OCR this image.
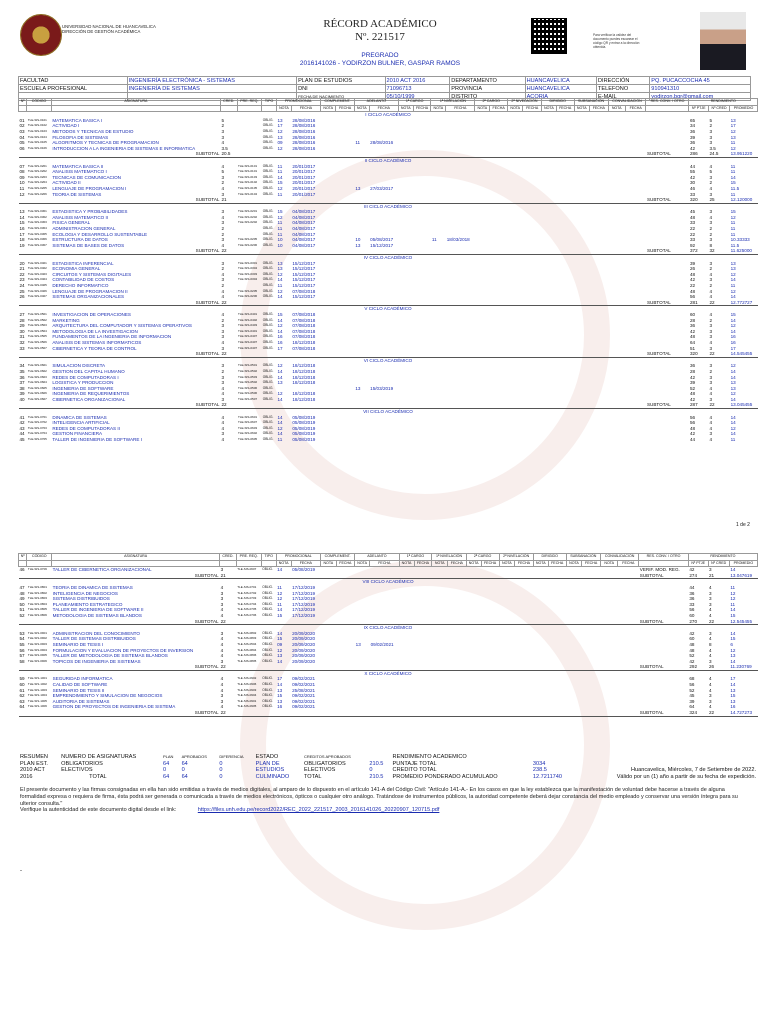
UNIVERSIDAD NACIONAL DE HUANCAVELICA
DIRECCIÓN DE GESTIÓN ACADÉMICA
RÉCORD ACADÉMICO
Nº. 221517
PREGRADO
2016141026 - YODIRZON BULNER, GASPAR RAMOS
Para verificar la validez del documento puedes escanear el código QR y entrar a la dirección obtenida.
FACULTAD	INGENIERÍA ELECTRÓNICA - SISTEMAS	PLAN DE ESTUDIOS	2010 ACT 2016	DEPARTAMENTO	HUANCAVELICA	DIRECCIÓN	PQ. PUCACCOCHA 45
ESCUELA PROFESIONAL	INGENIERÍA DE SISTEMAS	DNI	71096713	PROVINCIA	HUANCAVELICA	TELEFONO	910941310
		FECHA DE NACIMIENTO	05/10/1999	DISTRITO	ACORIA	E-MAIL	yodirzon.bgr@gmail.com
Nº	CÓDIGO	ASIGNATURA	CRED.	PRE. REQ.	TIPO	PROMOCIONAL		COMPLEMENT.		ADELANTO		1ª CARGO		1ª NIVELACIÓN		2ª CARGO		2ª NIVELACIÓN		DIRIGIDO		SUBSANACIÓN		CONVALIDACIÓN		RES. CONV. / OTRO	RENDIMIENTO		
						NOTA	FECHA	NOTA	FECHA	NOTA	FECHA	NOTA	FECHA	NOTA	FECHA	NOTA	FECHA	NOTA	FECHA	NOTA	FECHA	NOTA	FECHA	NOTA	FECHA		Nº PTJE	Nº CRED	PROMEDIO
I CICLO ACADÉMICO																													
01	TLE-SIS-0101	MATEMATICA BASICA I	5		OBLIG.	13	28/08/2016																				65	5	13
02	TLE-SIS-0102	ACTIVIDAD I	2		OBLIG.	17	28/08/2016																				34	2	17
03	TLE-SIS-0103	METODOS Y TECNICAS DE ESTUDIO	3		OBLIG.	12	28/08/2016																				36	3	12
04	TLE-SIS-0104	FILOSOFIA DE SISTEMAS	3		OBLIG.	13	28/08/2016																				39	3	13
05	TLE-SIS-0105	ALGORITMOS Y TECNICAS DE PROGRAMACION	4		OBLIG.	09	28/08/2016			11	28/08/2016																36	3	11
06	TLE-SIS-0106	INTRODUCCION A LA INGENIERIA DE SISTEMAS E INFORMATICA	3.5		OBLIG.	12	28/08/2016																				42	3.5	12
SUBTOTAL			20.5																							SUBTOTAL	286	24.5	13.951220
II CICLO ACADÉMICO																													
07	TLE-SIS-0201	MATEMATICA BASICA II	4	TLE-SIS-0101	OBLIG.	11	20/01/2017																				44	4	11
08	TLE-SIS-0202	ANALISIS MATEMATICO I	5	TLE-SIS-0101	OBLIG.	11	20/01/2017																				55	5	11
09	TLE-SIS-0203	TECNICAS DE COMUNICACION	3	TLE-SIS-0103	OBLIG.	14	20/01/2017																				42	3	14
10	TLE-SIS-0204	ACTIVIDAD II	2	TLE-SIS-0102	OBLIG.	15	20/01/2017																				30	2	15
11	TLE-SIS-0205	LENGUAJE DE PROGRAMACION I	4	TLE-SIS-0105	OBLIG.	12	20/01/2017			13	27/03/2017																46	4	11.5
12	TLE-SIS-0206	TEORIA DE SISTEMAS	3	TLE-SIS-0104	OBLIG.	11	20/01/2017																				33	3	11
SUBTOTAL			21																							SUBTOTAL	320	25	12.120000
III CICLO ACADÉMICO																													
13	TLE-SIS-0301	ESTADISTICA Y PROBABILIDADES	3	TLE-SIS-0201	OBLIG.	15	04/08/2017																				45	3	15
14	TLE-SIS-0302	ANALISIS MATEMATICO II	4	TLE-SIS-0202	OBLIG.	12	04/08/2017																				48	4	12
15	TLE-SIS-0303	FISICA GENERAL	3	TLE-SIS-0202	OBLIG.	11	04/08/2017																				33	3	11
16	TLE-SIS-0304	ADMINISTRACION GENERAL	2		OBLIG.	11	04/08/2017																				22	2	11
17	TLE-SIS-0305	ECOLOGIA Y DESARROLLO SUSTENTABLE	2		OBLIG.	11	04/08/2017																				22	2	11
18	TLE-SIS-0306	ESTRUCTURA DE DATOS	3	TLE-SIS-0205	OBLIG.	10	04/08/2017			10	05/08/2017			11	18/03/2018												33	3	10.33333
19	TLE-SIS-0307	SISTEMAS DE BASES DE DATOS	4	TLE-SIS-0206	OBLIG.	10	04/08/2017			13	15/12/2017																92	8	11.5
SUBTOTAL			22																							SUBTOTAL	372	32	11.625000
IV CICLO ACADÉMICO																													
20	TLE-SIS-0401	ESTADISTICA INFERENCIAL	3	TLE-SIS-0301	OBLIG.	13	15/12/2017																				39	3	13
21	TLE-SIS-0402	ECONOMIA GENERAL	2	TLE-SIS-0304	OBLIG.	13	15/12/2017																				26	2	13
22	TLE-SIS-0403	CIRCUITOS Y SISTEMAS DIGITALES	4	TLE-SIS-0303	OBLIG.	12	15/12/2017																				48	4	12
23	TLE-SIS-0404	CONTABILIDAD DE COSTOS	3	TLE-SIS-0304	OBLIG.	14	15/12/2017																				42	3	14
24	TLE-SIS-0405	DERECHO INFORMATICO	2		OBLIG.	11	15/12/2017																				22	2	11
25	TLE-SIS-0406	LENGUAJE DE PROGRAMACION II	4	TLE-SIS-0205	OBLIG.	12	07/08/2018																				48	4	12
26	TLE-SIS-0407	SISTEMAS ORGANIZACIONALES	4	TLE-SIS-0206	OBLIG.	14	15/12/2017																				56	4	14
SUBTOTAL			22																							SUBTOTAL	281	22	12.772727
V CICLO ACADÉMICO																													
27	TLE-SIS-0501	INVESTIGACION DE OPERACIONES	4	TLE-SIS-0401	OBLIG.	15	07/08/2018																				60	4	15
28	TLE-SIS-0502	MARKETING	2	TLE-SIS-0402	OBLIG.	14	07/08/2018																				28	2	14
29	TLE-SIS-0503	ARQUITECTURA DEL COMPUTADOR Y SISTEMAS OPERATIVOS	3	TLE-SIS-0403	OBLIG.	12	07/08/2018																				36	3	12
30	TLE-SIS-0504	METODOLOGIA DE LA INVESTIGACION	3	TLE-SIS-0401	OBLIG.	14	07/08/2018																				42	3	14
31	TLE-SIS-0505	FUNDAMENTOS DE LA INGENIERIA DE INFORMACION	3	TLE-SIS-0407	OBLIG.	16	07/08/2018																				48	3	16
32	TLE-SIS-0506	ANALISIS DE SISTEMAS INFORMATICOS	4	TLE-SIS-0407	OBLIG.	16	18/12/2018																				64	4	16
33	TLE-SIS-0507	CIBERNETICA Y TEORIA DE CONTROL	3	TLE-SIS-0407	OBLIG.	17	07/08/2018																				51	3	17
SUBTOTAL			22																							SUBTOTAL	320	22	14.545455
VI CICLO ACADÉMICO																													
34	TLE-SIS-0601	SIMULACION DISCRETA	3	TLE-SIS-0501	OBLIG.	12	18/12/2018																				36	3	12
35	TLE-SIS-0602	GESTION DEL CAPITAL HUMANO	2	TLE-SIS-0502	OBLIG.	14	18/12/2018																				28	2	14
36	TLE-SIS-0603	REDES DE COMPUTADORAS I	3	TLE-SIS-0503	OBLIG.	14	18/12/2018																				42	3	14
37	TLE-SIS-0604	LOGISTICA Y PRODUCCION	3	TLE-SIS-0502	OBLIG.	13	18/12/2018																				39	3	13
38	TLE-SIS-0605	INGENIERIA DE SOFTWARE	4	TLE-SIS-0506	OBLIG.					13	15/03/2019																52	4	13
39	TLE-SIS-0606	INGENIERIA DE REQUERIMIENTOS	4	TLE-SIS-0506	OBLIG.	12	18/12/2018																				48	4	12
40	TLE-SIS-0607	CIBERNETICA ORGANIZACIONAL	3	TLE-SIS-0507	OBLIG.	14	18/12/2018																				42	3	14
SUBTOTAL			22																							SUBTOTAL	287	22	13.045455
VII CICLO ACADÉMICO																													
41	TLE-SIS-0701	DINAMICA DE SISTEMAS	4	TLE-SIS-0601	OBLIG.	14	05/08/2019																				56	4	14
42	TLE-SIS-0702	INTELIGENCIA ARTIFICIAL	4	TLE-SIS-0607	OBLIG.	14	05/08/2019																				56	4	14
43	TLE-SIS-0703	REDES DE COMPUTADORAS II	4	TLE-SIS-0603	OBLIG.	12	05/08/2019																				48	4	12
44	TLE-SIS-0704	GESTION FINANCIERA	3	TLE-SIS-0602	OBLIG.	14	05/08/2019																				42	3	14
45	TLE-SIS-0705	TALLER DE INGENIERIA DE SOFTWARE I	4	TLE-SIS-0605	OBLIG.	11	05/08/2019																				44	4	11
1 de 2
Nº	CÓDIGO	ASIGNATURA	CRED.	PRE. REQ.	TIPO	PROMOCIONAL		COMPLEMENT.		ADELANTO		1ª CARGO		1ª NIVELACIÓN		2ª CARGO		2ª NIVELACIÓN		DIRIGIDO		SUBSANACIÓN		CONVALIDACIÓN		RES. CONV. / OTRO	RENDIMIENTO		
						NOTA	FECHA	NOTA	FECHA	NOTA	FECHA	NOTA	FECHA	NOTA	FECHA	NOTA	FECHA	NOTA	FECHA	NOTA	FECHA	NOTA	FECHA	NOTA	FECHA		Nº PTJE	Nº CRED	PROMEDIO
46	TLE-SIS-0706	TALLER DE CIBERNETICA ORGANIZACIONAL	3	TLE-SIS-0607	OBLIG.	14	05/08/2019																			VERIF. MOD. REG.	42	3	14
SUBTOTAL			21																							SUBTOTAL	274	21	13.047619
VIII CICLO ACADÉMICO																													
47	TLE-SIS-0801	TEORIA DE DINAMICA DE SISTEMAS	4	TLE-SIS-0701	OBLIG.	11	17/12/2019																				44	4	11
48	TLE-SIS-0802	INTELIGENCIA DE NEGOCIOS	3	TLE-SIS-0702	OBLIG.	12	17/12/2019																				36	3	12
49	TLE-SIS-0803	SISTEMAS DISTRIBUIDOS	3	TLE-SIS-0703	OBLIG.	12	17/12/2019																				36	3	12
50	TLE-SIS-0804	PLANEAMIENTO ESTRATEGICO	3	TLE-SIS-0704	OBLIG.	11	17/12/2019																				33	3	11
51	TLE-SIS-0805	TALLER DE INGENIERIA DE SOFTWARE II	4	TLE-SIS-0705	OBLIG.	14	17/12/2019																				56	4	14
52	TLE-SIS-0806	METODOLOGIA DE SISTEMAS BLANDOS	4	TLE-SIS-0706	OBLIG.	15	17/12/2019																				60	4	15
SUBTOTAL			22																							SUBTOTAL	270	22	12.545455
IX CICLO ACADÉMICO																													
53	TLE-SIS-0901	ADMINISTRACION DEL CONOCIMIENTO	3	TLE-SIS-0802	OBLIG.	14	20/09/2020																				42	3	14
54	TLE-SIS-0902	TALLER DE SISTEMAS DISTRIBUIDOS	4	TLE-SIS-0803	OBLIG.	15	20/09/2020																				60	4	15
55	TLE-SIS-0903	SEMINARIO DE TESIS I	4	TLE-SIS-0504	OBLIG.	09	20/09/2020			13	09/02/2021																48	8	6
56	TLE-SIS-0904	FORMULACION Y EVALUACION DE PROYECTOS DE INVERSION	4	TLE-SIS-0804	OBLIG.	12	20/09/2020																				48	4	12
57	TLE-SIS-0905	TALLER DE METODOLOGIA DE SISTEMAS BLANDOS	4	TLE-SIS-0806	OBLIG.	13	20/09/2020																				52	4	13
58	TLE-SIS-0906	TOPICOS DE INGENIERIA DE SISTEMAS	3	TLE-SIS-0805	OBLIG.	14	20/09/2020																				42	3	14
SUBTOTAL			22																							SUBTOTAL	292	26	11.230769
X CICLO ACADÉMICO																													
59	TLE-SIS-1001	SEGURIDAD INFORMATICA	4	TLE-SIS-0902	OBLIG.	17	09/02/2021																				68	4	17
60	TLE-SIS-1002	CALIDAD DE SOFTWARE	4	TLE-SIS-0906	OBLIG.	14	09/02/2021																				56	4	14
61	TLE-SIS-1003	SEMINARIO DE TESIS II	4	TLE-SIS-0903	OBLIG.	13	25/08/2021																				52	4	13
62	TLE-SIS-1004	EMPRENDIMIENTO Y SIMULACION DE NEGOCIOS	3	TLE-SIS-0904	OBLIG.	15	09/02/2021																				45	3	15
63	TLE-SIS-1005	AUDITORIA DE SISTEMAS	3	TLE-SIS-0901	OBLIG.	13	09/02/2021																				39	3	13
64	TLE-SIS-1006	GESTION DE PROYECTOS DE INGENIERIA DE SISTEMA	4	TLE-SIS-0905	OBLIG.	16	09/02/2021																				64	4	16
SUBTOTAL			22																							SUBTOTAL	324	22	14.727273
RESUMEN	NUMERO DE ASIGNATURAS	PLAN	APROBADOS	DIFERENCIA	ESTADO	CREDITOS APROBADOS		RENDIMIENTO ACADEMICO		
PLAN EST.	OBLIGATORIOS	64	64	0	PLAN DE	OBLIGATORIOS	210.5	PUNTAJE TOTAL	3034	
2010 ACT	ELECTIVOS	0	0	0	ESTUDIOS	ELECTIVOS	0	CREDITO TOTAL	238.5	Huancavelica, Miércoles, 7 de Setiembre de 2022.
2016	TOTAL	64	64	0	CULMINADO	TOTAL	210.5	PROMEDIO PONDERADO ACUMULADO	12.7211740	Válido por un (1) año a partir de su fecha de expedición.
El presente documento y las firmas consignadas en ella han sido emitidas a través de medios digitales, al amparo de lo dispuesto en el artículo 141-A del Código Civil: "Artículo 141-A.- En los casos en que la ley establezca que la manifestación de voluntad debe hacerse a través de alguna formalidad expresa o requiera de firma, ésta podrá ser generada o comunicada a través de medios electrónicos, ópticos o cualquier otro análogo. Tratándose de instrumentos públicos, la autoridad competente deberá dejar constancia del medio empleado y conservar una versión íntegra para su ulterior consulta."
Verifique la autenticidad de este documento digital desde el link:	https://files.unh.edu.pe/record2022/REC_2022_221517_2003_2016141026_20220907_120715.pdf
-
